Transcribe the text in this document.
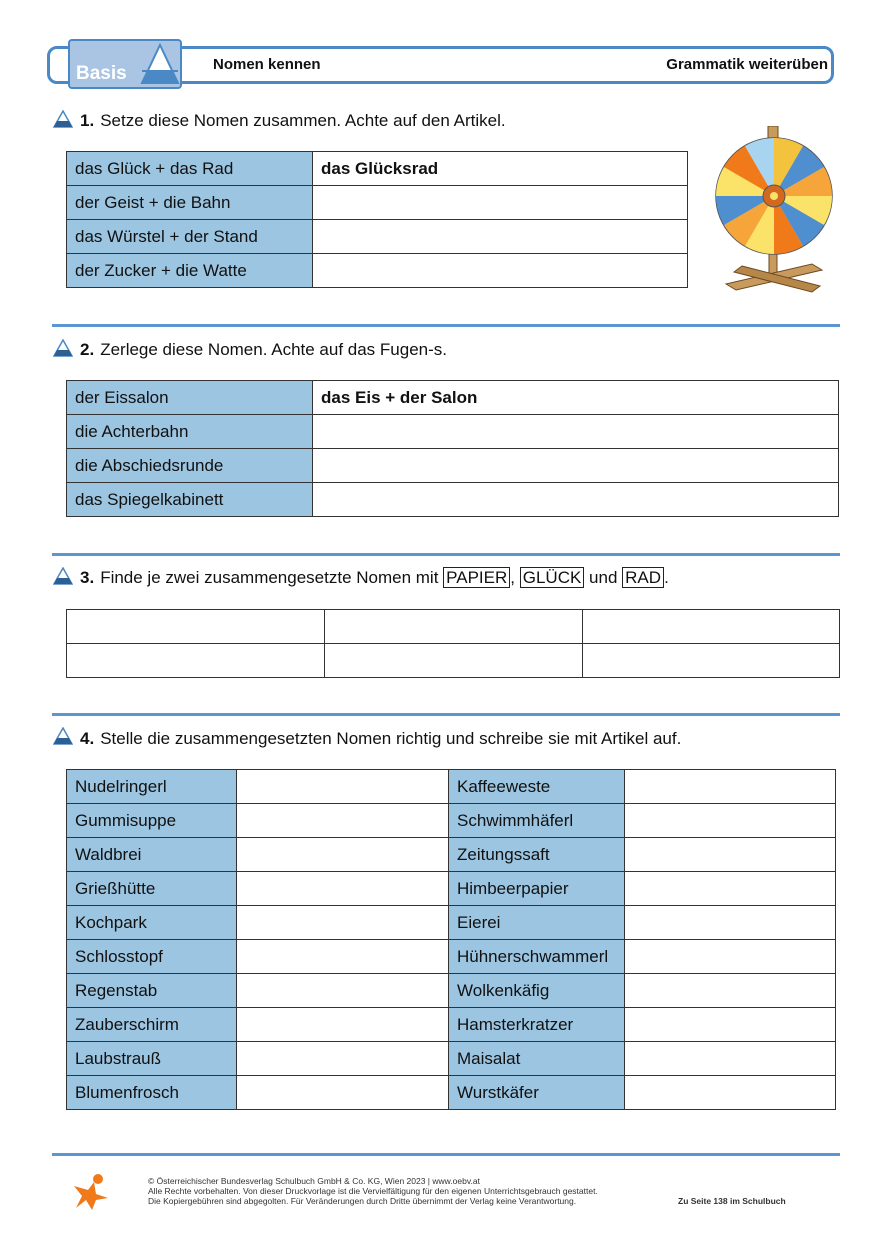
Basis	Nomen kennen	Grammatik weiterüben
1. Setze diese Nomen zusammen. Achte auf den Artikel.
das Glück + das Rad	das Glücksrad
der Geist + die Bahn	
das Würstel + der Stand	
der Zucker + die Watte	
2. Zerlege diese Nomen. Achte auf das Fugen-s.
der Eissalon	das Eis + der Salon
die Achterbahn	
die Abschiedsrunde	
das Spiegelkabinett	
3. Finde je zwei zusammengesetzte Nomen mit PAPIER , GLÜCK und RAD .

4. Stelle die zusammengesetzten Nomen richtig und schreibe sie mit Artikel auf.
Nudelringerl		Kaffeeweste	
Gummisuppe		Schwimmhäferl	
Waldbrei		Zeitungssaft	
Grießhütte		Himbeerpapier	
Kochpark		Eierei	
Schlosstopf		Hühnerschwammerl	
Regenstab		Wolkenkäfig	
Zauberschirm		Hamsterkratzer	
Laubstrauß		Maisalat	
Blumenfrosch		Wurstkäfer	
© Österreichischer Bundesverlag Schulbuch GmbH & Co. KG, Wien 2023 | www.oebv.at
Alle Rechte vorbehalten. Von dieser Druckvorlage ist die Vervielfältigung für den eigenen Unterrichtsgebrauch gestattet.
Die Kopiergebühren sind abgegolten. Für Veränderungen durch Dritte übernimmt der Verlag keine Verantwortung.	Zu Seite 138 im Schulbuch
